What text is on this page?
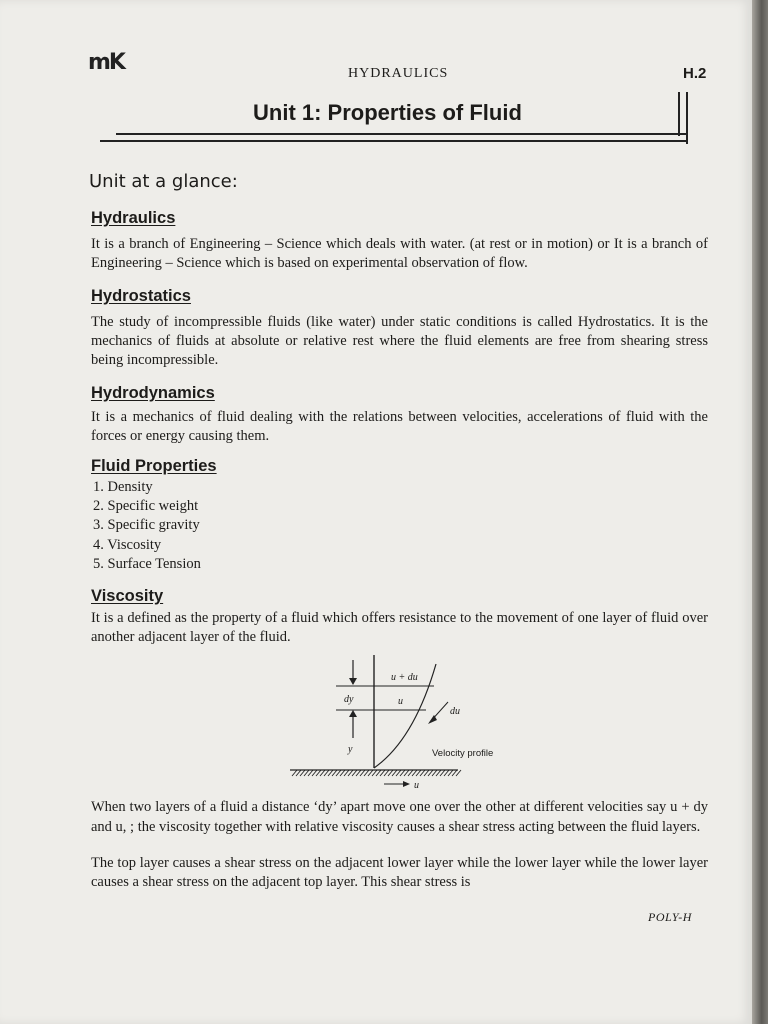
mK	HYDRAULICS	H.2
Unit 1: Properties of Fluid
Unit at a glance:
Hydraulics
It is a branch of Engineering – Science which deals with water. (at rest or in motion) or It is a branch of Engineering – Science which is based on experimental observation of flow.
Hydrostatics
The study of incompressible fluids (like water) under static conditions is called Hydrostatics. It is the mechanics of fluids at absolute or relative rest where the fluid elements are free from shearing stress being incompressible.
Hydrodynamics
It is a mechanics of fluid dealing with the relations between velocities, accelerations of fluid with the forces or energy causing them.
Fluid Properties
1. Density
2. Specific weight
3. Specific gravity
4. Viscosity
5. Surface Tension
Viscosity
It is a defined as the property of a fluid which offers resistance to the movement of one layer of fluid over another adjacent layer of the fluid.
dy
u + du
u
du
y	Velocity profile
u
When two layers of a fluid a distance ‘dy’ apart move one over the other at different velocities say u + dy and u, ; the viscosity together with relative viscosity causes a shear stress acting between the fluid layers.
The top layer causes a shear stress on the adjacent lower layer while the lower layer while the lower layer causes a shear stress on the adjacent top layer. This shear stress is
POLY-H
